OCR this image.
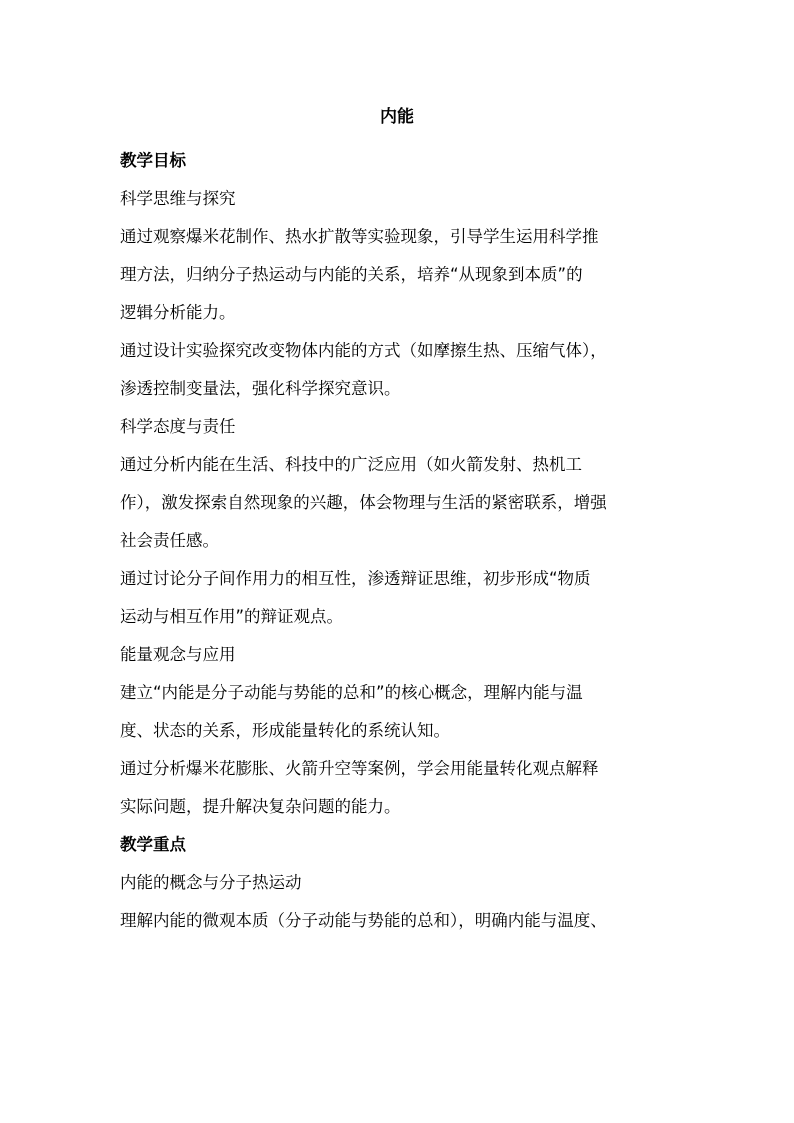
内能
教学目标
科学思维与探究
通过观察爆米花制作、热水扩散等实验现象，引导学生运用科学推
理方法，归纳分子热运动与内能的关系，培养“从现象到本质”的
逻辑分析能力。
通过设计实验探究改变物体内能的方式（如摩擦生热、压缩气体），
渗透控制变量法，强化科学探究意识。
科学态度与责任
通过分析内能在生活、科技中的广泛应用（如火箭发射、热机工
作），激发探索自然现象的兴趣，体会物理与生活的紧密联系，增强
社会责任感。
通过讨论分子间作用力的相互性，渗透辩证思维，初步形成“物质
运动与相互作用”的辩证观点。
能量观念与应用
建立“内能是分子动能与势能的总和”的核心概念，理解内能与温
度、状态的关系，形成能量转化的系统认知。
通过分析爆米花膨胀、火箭升空等案例，学会用能量转化观点解释
实际问题，提升解决复杂问题的能力。
教学重点
内能的概念与分子热运动
理解内能的微观本质（分子动能与势能的总和），明确内能与温度、
